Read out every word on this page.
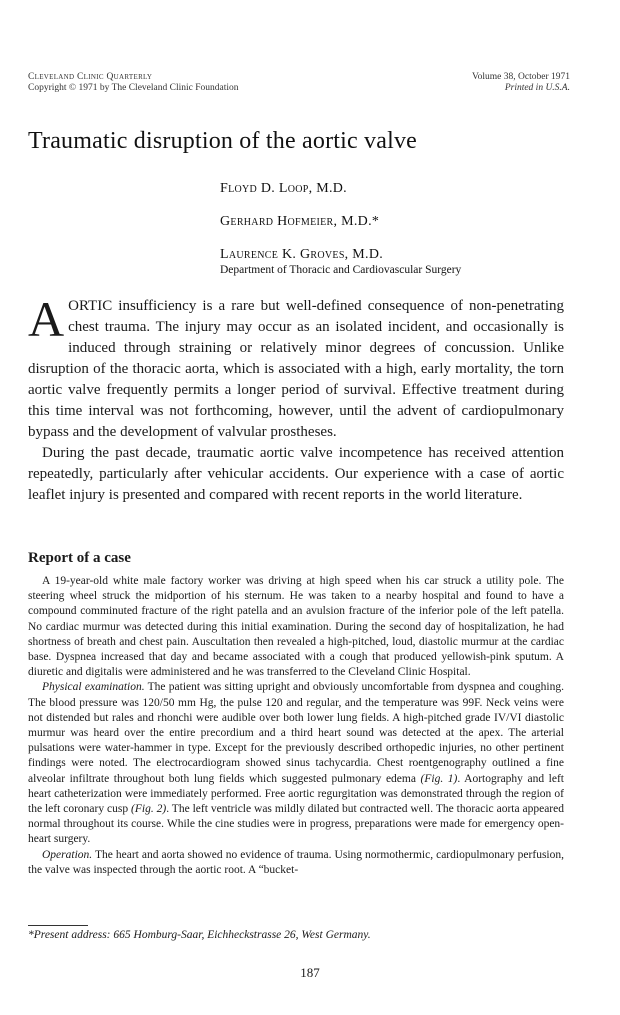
Cleveland Clinic Quarterly
Copyright © 1971 by The Cleveland Clinic Foundation
Volume 38, October 1971
Printed in U.S.A.
Traumatic disruption of the aortic valve
Floyd D. Loop, M.D.
Gerhard Hofmeier, M.D.*
Laurence K. Groves, M.D.
Department of Thoracic and Cardiovascular Surgery

AORTIC insufficiency is a rare but well-defined consequence of non-penetrating chest trauma. The injury may occur as an isolated incident, and occasionally is induced through straining or relatively minor degrees of concussion. Unlike disruption of the thoracic aorta, which is associated with a high, early mortality, the torn aortic valve frequently permits a longer period of survival. Effective treatment during this time interval was not forthcoming, however, until the advent of cardiopulmonary bypass and the development of valvular prostheses.

During the past decade, traumatic aortic valve incompetence has received attention repeatedly, particularly after vehicular accidents. Our experience with a case of aortic leaflet injury is presented and compared with recent reports in the world literature.

Report of a case

A 19-year-old white male factory worker was driving at high speed when his car struck a utility pole. The steering wheel struck the midportion of his sternum. He was taken to a nearby hospital and found to have a compound comminuted fracture of the right patella and an avulsion fracture of the inferior pole of the left patella. No cardiac murmur was detected during this initial examination. During the second day of hospitalization, he had shortness of breath and chest pain. Auscultation then revealed a high-pitched, loud, diastolic murmur at the cardiac base. Dyspnea increased that day and became associated with a cough that produced yellowish-pink sputum. A diuretic and digitalis were administered and he was transferred to the Cleveland Clinic Hospital.

Physical examination. The patient was sitting upright and obviously uncomfortable from dyspnea and coughing. The blood pressure was 120/50 mm Hg, the pulse 120 and regular, and the temperature was 99F. Neck veins were not distended but rales and rhonchi were audible over both lower lung fields. A high-pitched grade IV/VI diastolic murmur was heard over the entire precordium and a third heart sound was detected at the apex. The arterial pulsations were water-hammer in type. Except for the previously described orthopedic injuries, no other pertinent findings were noted. The electrocardiogram showed sinus tachycardia. Chest roentgenography outlined a fine alveolar infiltrate throughout both lung fields which suggested pulmonary edema (Fig. 1). Aortography and left heart catheterization were immediately performed. Free aortic regurgitation was demonstrated through the region of the left coronary cusp (Fig. 2). The left ventricle was mildly dilated but contracted well. The thoracic aorta appeared normal throughout its course. While the cine studies were in progress, preparations were made for emergency open-heart surgery.

Operation. The heart and aorta showed no evidence of trauma. Using normothermic, cardiopulmonary perfusion, the valve was inspected through the aortic root. A “bucket-

*Present address: 665 Homburg-Saar, Eichheckstrasse 26, West Germany.
187
